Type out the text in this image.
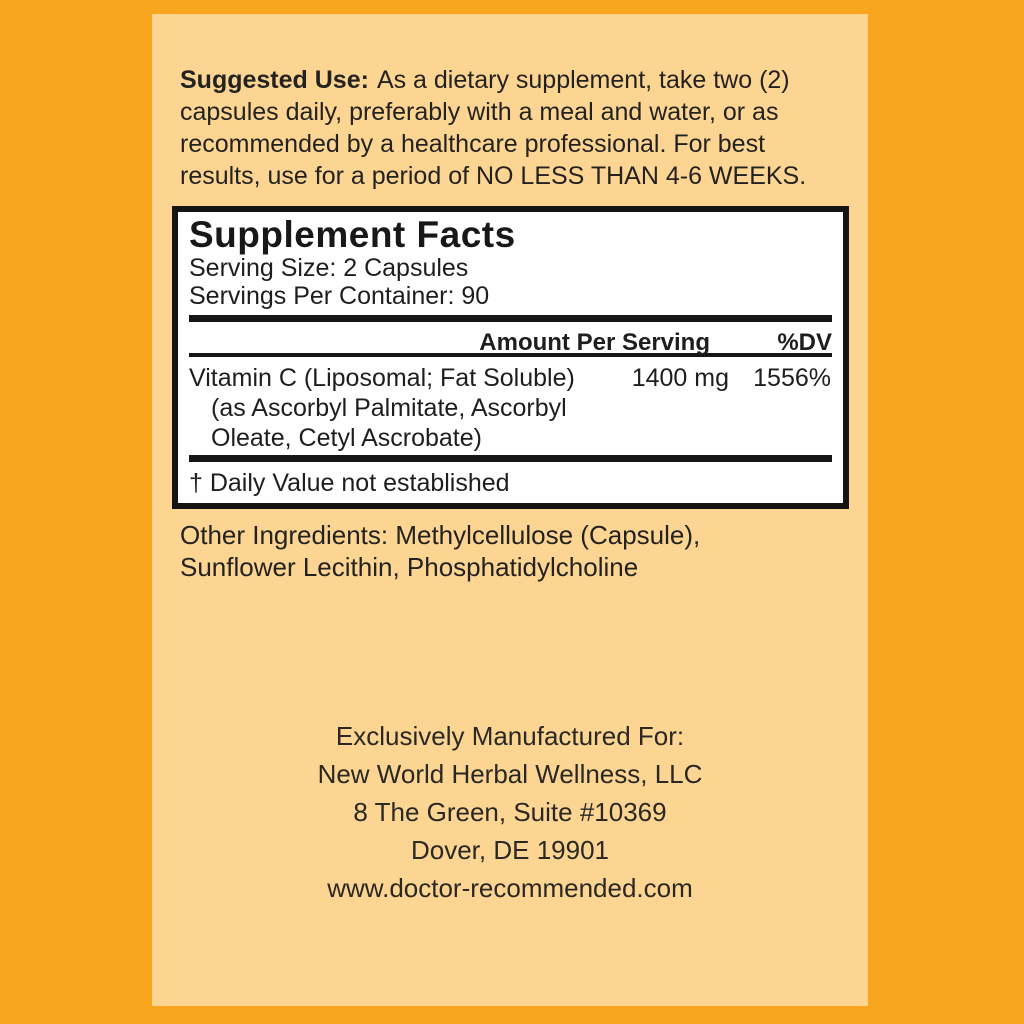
Suggested Use: As a dietary supplement, take two (2)
capsules daily, preferably with a meal and water, or as
recommended by a healthcare professional. For best
results, use for a period of NO LESS THAN 4-6 WEEKS.
Supplement Facts
Serving Size: 2 Capsules
Servings Per Container: 90
Amount Per Serving	%DV
Vitamin C (Liposomal; Fat Soluble) 1400 mg 1556%
(as Ascorbyl Palmitate, Ascorbyl
Oleate, Cetyl Ascrobate)
† Daily Value not established
Other Ingredients: Methylcellulose (Capsule),
Sunflower Lecithin, Phosphatidylcholine
Exclusively Manufactured For:
New World Herbal Wellness, LLC
8 The Green, Suite #10369
Dover, DE 19901
www.doctor-recommended.com
